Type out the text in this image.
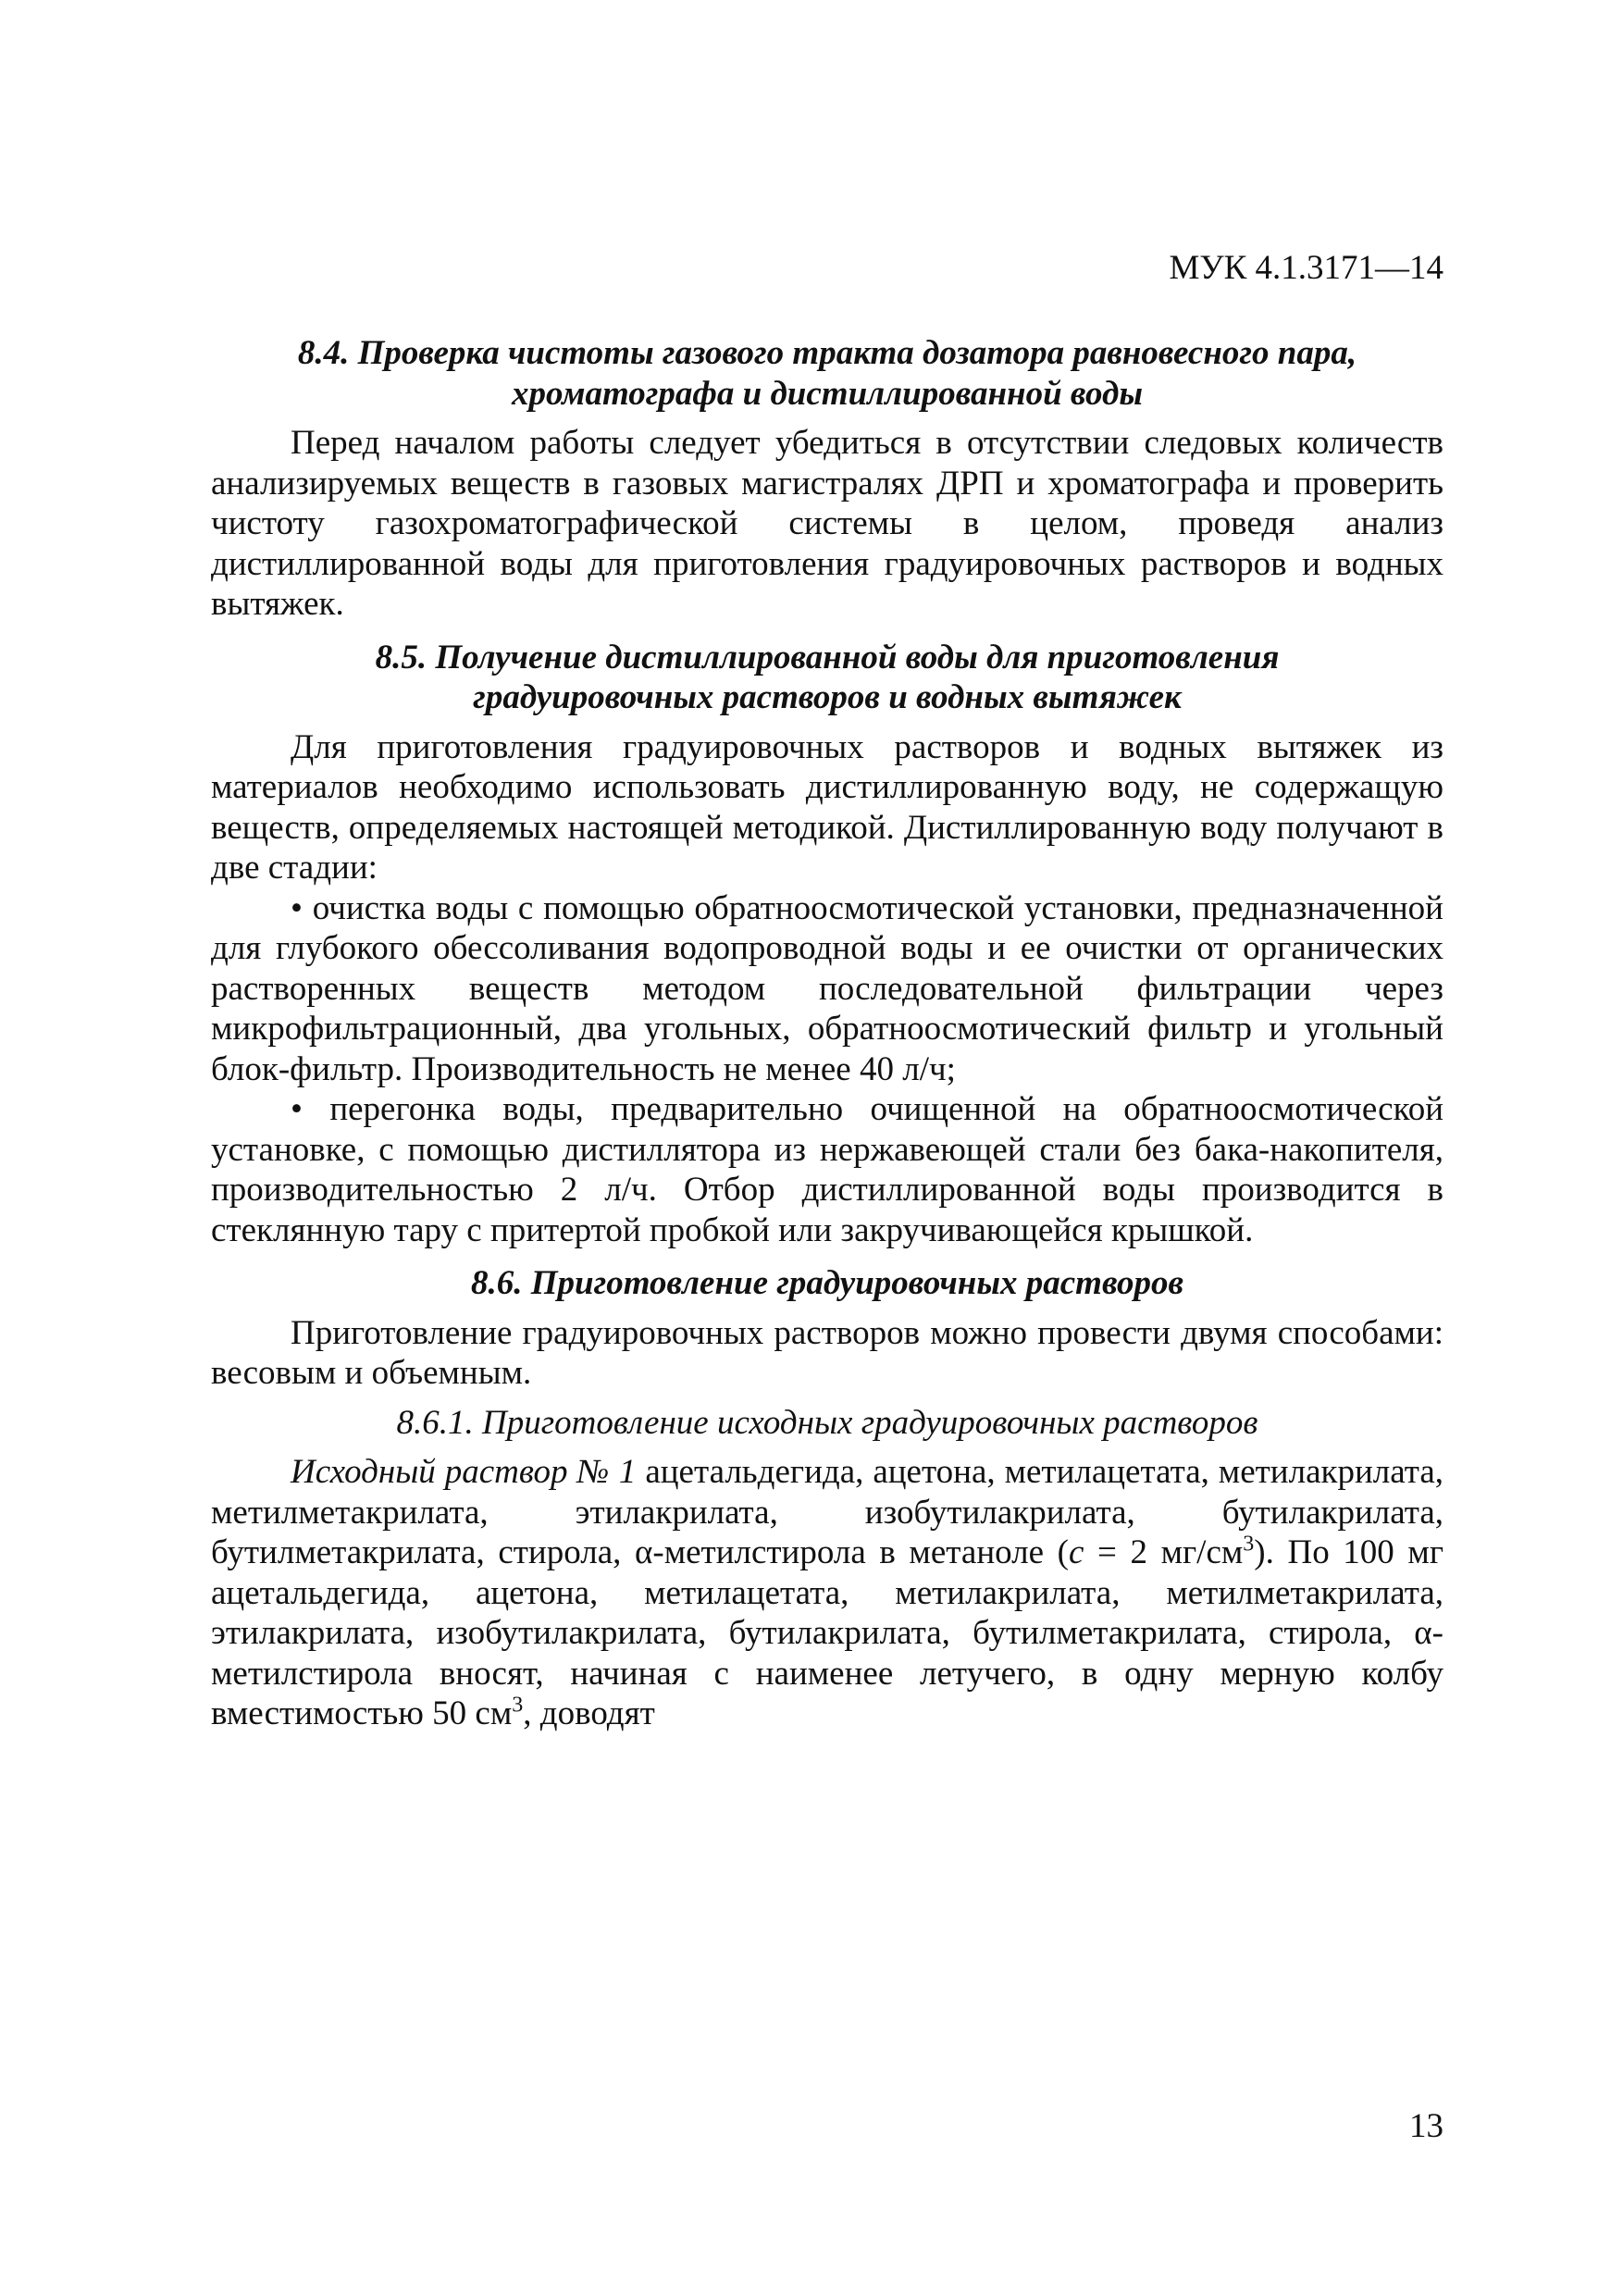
МУК 4.1.3171—14
8.4. Проверка чистоты газового тракта дозатора равновесного пара,
хроматографа и дистиллированной воды

Перед началом работы следует убедиться в отсутствии следовых количеств анализируемых веществ в газовых магистралях ДРП и хроматографа и проверить чистоту газохроматографической системы в целом, проведя анализ дистиллированной воды для приготовления градуировочных растворов и водных вытяжек.

8.5. Получение дистиллированной воды для приготовления
градуировочных растворов и водных вытяжек

Для приготовления градуировочных растворов и водных вытяжек из материалов необходимо использовать дистиллированную воду, не содержащую веществ, определяемых настоящей методикой. Дистиллированную воду получают в две стадии:

• очистка воды с помощью обратноосмотической установки, предназначенной для глубокого обессоливания водопроводной воды и ее очистки от органических растворенных веществ методом последовательной фильтрации через микрофильтрационный, два угольных, обратноосмотический фильтр и угольный блок-фильтр. Производительность не менее 40 л/ч;

• перегонка воды, предварительно очищенной на обратноосмотической установке, с помощью дистиллятора из нержавеющей стали без бака-накопителя, производительностью 2 л/ч. Отбор дистиллированной воды производится в стеклянную тару с притертой пробкой или закручивающейся крышкой.

8.6. Приготовление градуировочных растворов

Приготовление градуировочных растворов можно провести двумя способами: весовым и объемным.

8.6.1. Приготовление исходных градуировочных растворов

Исходный раствор № 1 ацетальдегида, ацетона, метилацетата, метилакрилата, метилметакрилата, этилакрилата, изобутилакрилата, бутилакрилата, бутилметакрилата, стирола, α-метилстирола в метаноле (с = 2 $мг/см^3$). По 100 мг ацетальдегида, ацетона, метилацетата, метилакрилата, метилметакрилата, этилакрилата, изобутилакрилата, бутилакрилата, бутилметакрилата, стирола, α-метилстирола вносят, начиная с наименее летучего, в одну мерную колбу вместимостью 50 $см^3$, доводят

13
